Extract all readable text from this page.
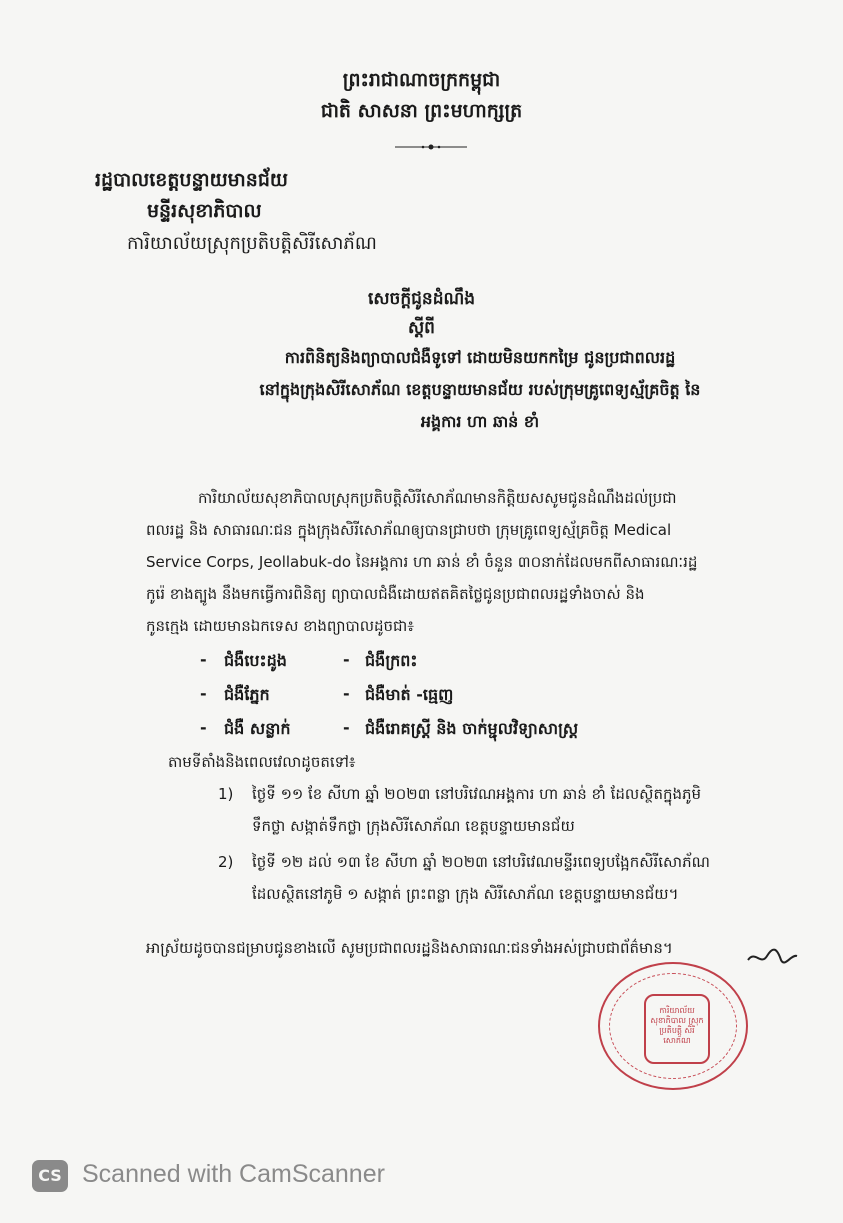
ព្រះរាជាណាចក្រកម្ពុជា
ជាតិ សាសនា ព្រះមហាក្សត្រ
រដ្ឋបាលខេត្តបន្ទាយមានជ័យ
មន្ទីរសុខាភិបាល
ការិយាល័យស្រុកប្រតិបត្តិសិរីសោភ័ណ
សេចក្តីជូនដំណឹង
ស្តីពី
ការពិនិត្យនិងព្យាបាលជំងឺទូទៅ ដោយមិនយកកម្រៃ ជូនប្រជាពលរដ្ឋ
នៅក្នុងក្រុងសិរីសោភ័ណ ខេត្តបន្ទាយមានជ័យ របស់ក្រុមគ្រូពេទ្យស្ម័គ្រចិត្ត នៃ
អង្គការ ហា ឆាន់ ខាំ
ការិយាល័យសុខាភិបាលស្រុកប្រតិបត្តិសិរីសោភ័ណមានកិត្តិយសសូមជូនដំណឹងដល់ប្រជា
ពលរដ្ឋ និង សាធារណៈជន ក្នុងក្រុងសិរីសោភ័ណឲ្យបានជ្រាបថា ក្រុមគ្រូពេទ្យស្ម័គ្រចិត្ត Medical
Service Corps, Jeollabuk-do នៃអង្គការ ហា ឆាន់ ខាំ ចំនួន ៣០នាក់ដែលមកពីសាធារណៈរដ្ឋ
កូរ៉េ ខាងត្បូង នឹងមកធ្វើការពិនិត្យ ព្យាបាលជំងឺដោយឥតគិតថ្លៃជូនប្រជាពលរដ្ឋទាំងចាស់ និង
កូនក្មេង ដោយមានឯកទេស ខាងព្យាបាលដូចជា៖
- ជំងឺបេះដូង	- ជំងឺក្រពះ
- ជំងឺភ្នែក	- ជំងឺមាត់ -ធ្មេញ
- ជំងឺ សន្លាក់	- ជំងឺរោគស្ត្រី និង ចាក់ម្ជុលវិទ្យាសាស្ត្រ
តាមទីតាំងនិងពេលវេលាដូចតទៅ៖
1) ថ្ងៃទី ១១ ខែ សីហា ឆ្នាំ ២០២៣ នៅបរិវេណអង្គការ ហា ឆាន់ ខាំ ដែលស្ថិតក្នុងភូមិ
ទឹកថ្លា សង្កាត់ទឹកថ្លា ក្រុងសិរីសោភ័ណ ខេត្តបន្ទាយមានជ័យ
2) ថ្ងៃទី ១២ ដល់ ១៣ ខែ សីហា ឆ្នាំ ២០២៣ នៅបរិវេណមន្ទីរពេទ្យបង្អែកសិរីសោភ័ណ
ដែលស្ថិតនៅភូមិ ១ សង្កាត់ ព្រះពន្លា ក្រុង សិរីសោភ័ណ ខេត្តបន្ទាយមានជ័យ។
អាស្រ័យដូចបានជម្រាបជូនខាងលើ សូមប្រជាពលរដ្ឋនិងសាធារណៈជនទាំងអស់ជ្រាបជាព័ត៌មាន។
ការិយាល័យសុខាភិបាល ស្រុកប្រតិបត្តិ សិរីសោភ័ណ
CS Scanned with CamScanner
